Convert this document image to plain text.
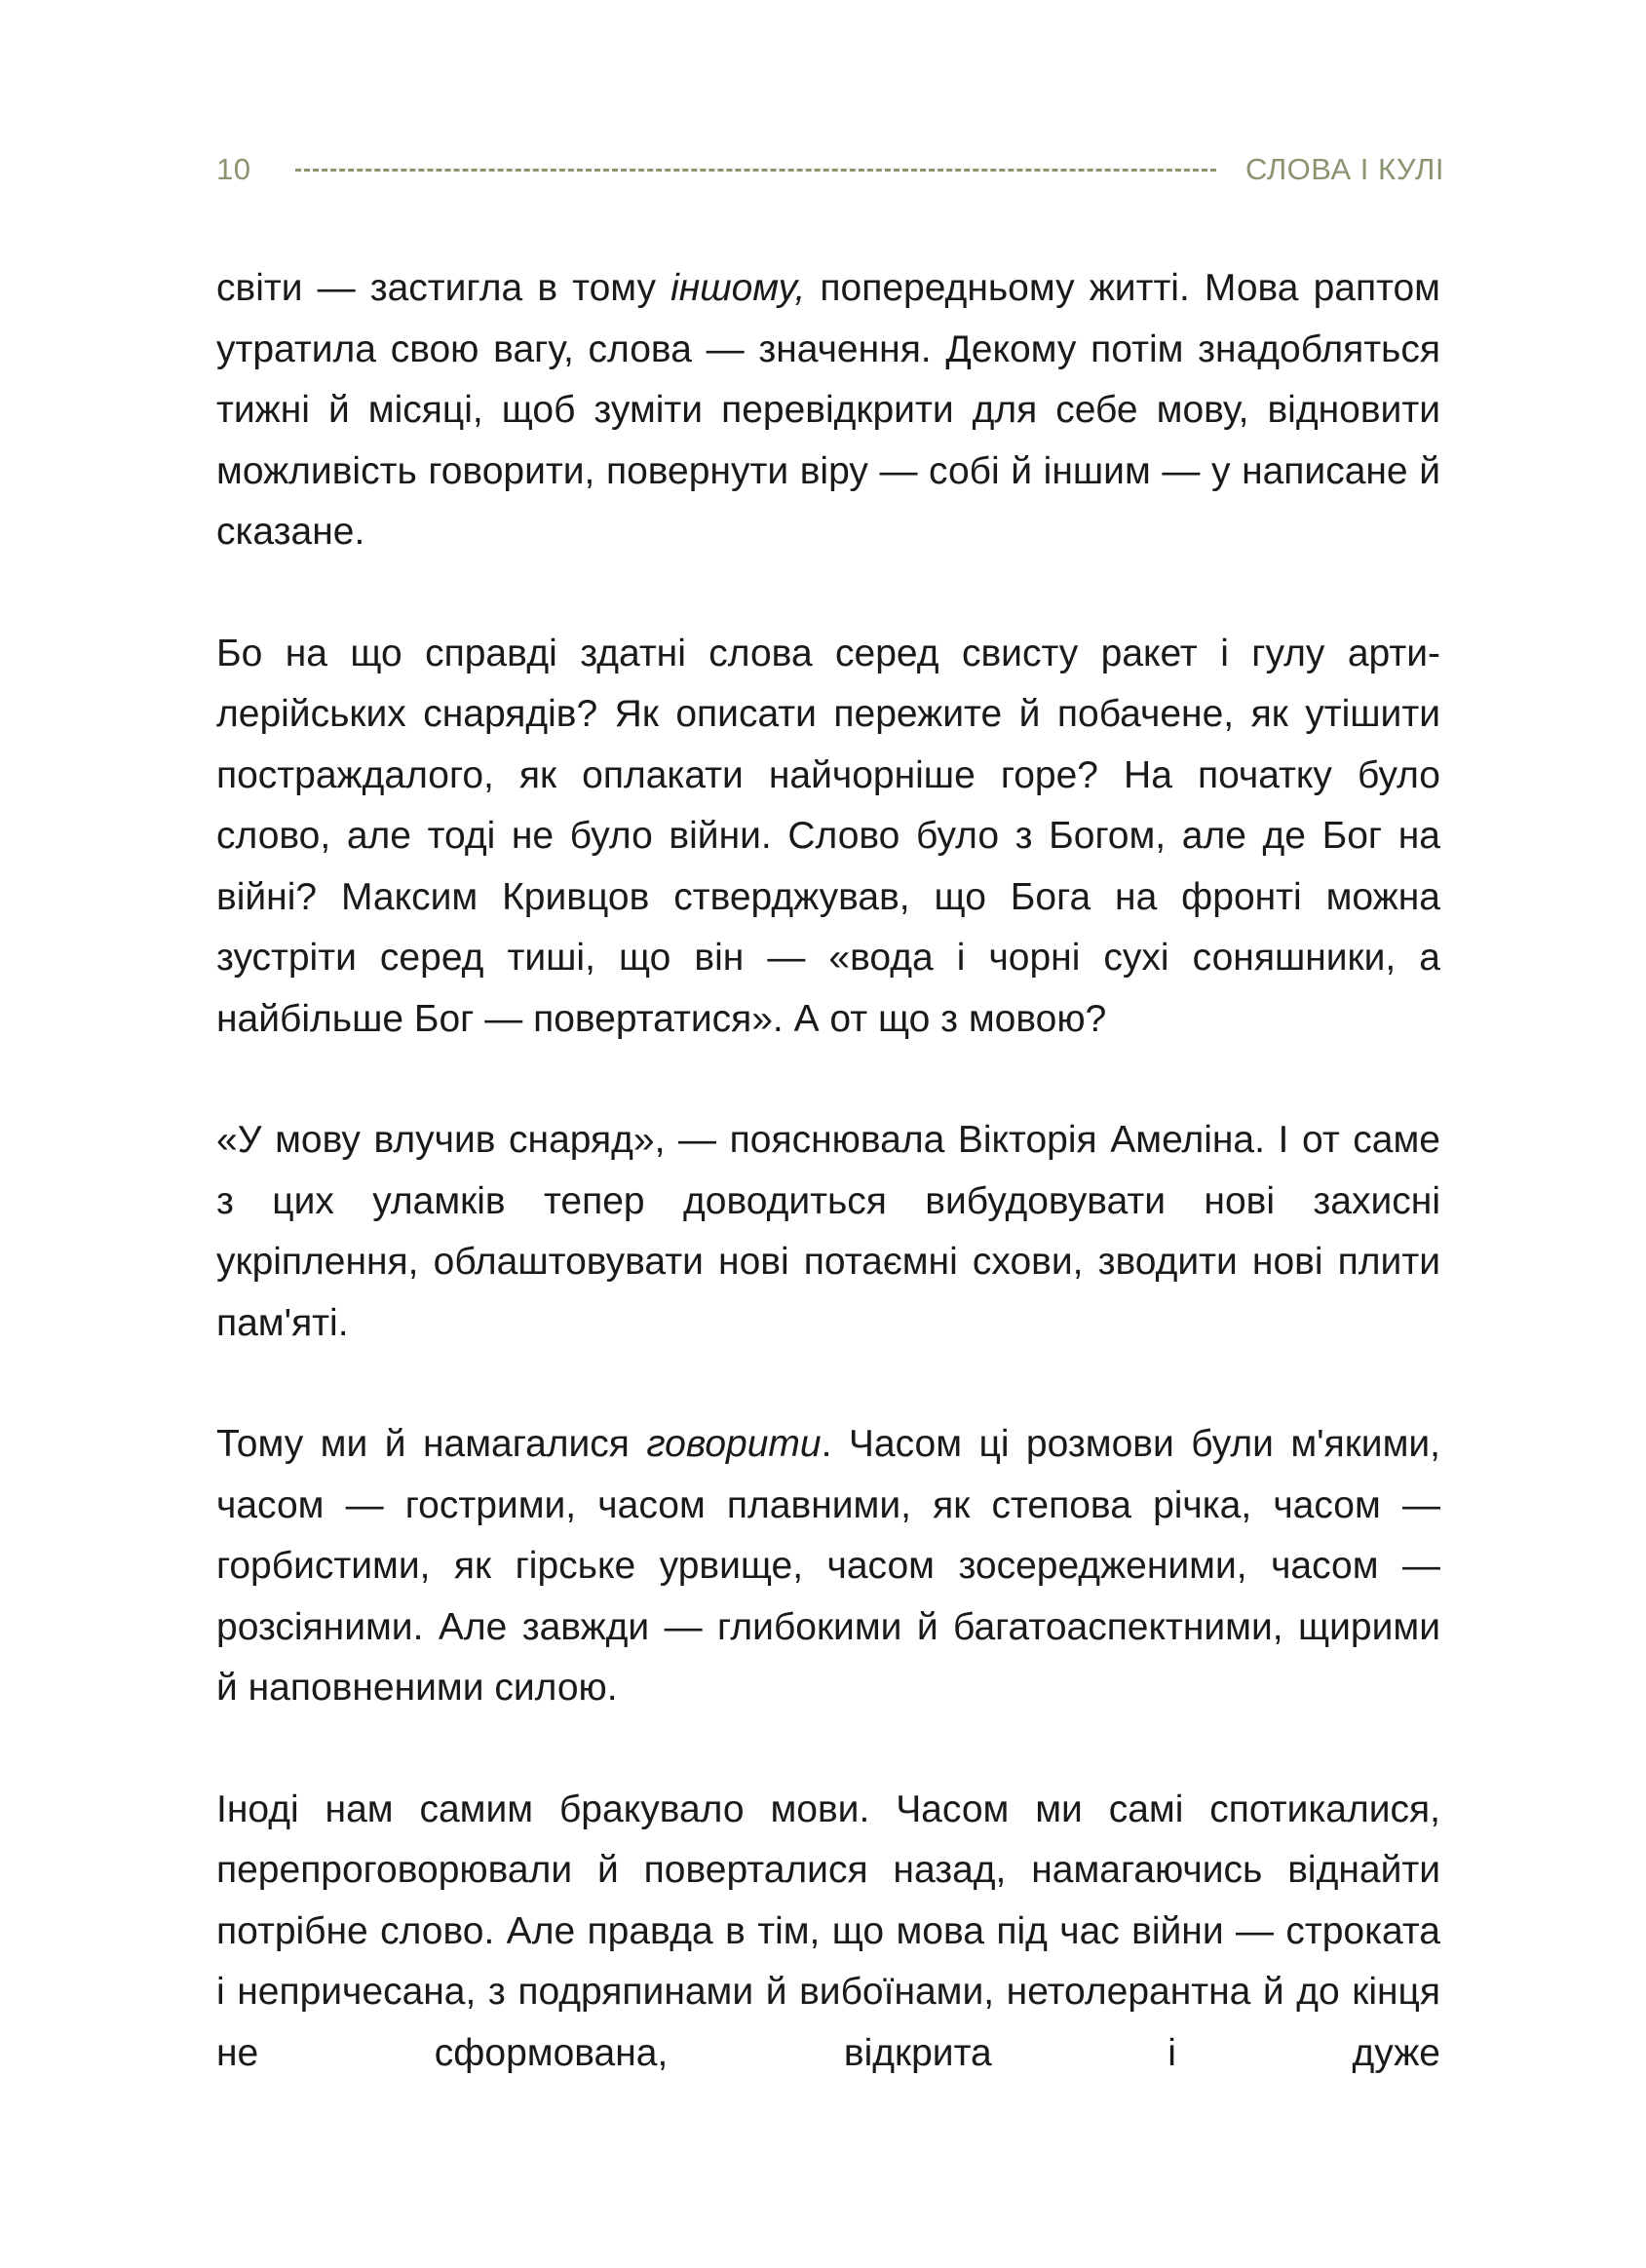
10	СЛОВА І КУЛІ

світи — застигла в тому іншому, попередньому житті. Мова раптом утратила свою вагу, слова — значення. Декому потім знадобляться тижні й місяці, щоб зуміти перевідкрити для себе мову, відновити можливість говорити, повернути віру — собі й іншим — у написане й сказане.

Бо на що справді здатні слова серед свисту ракет і гулу артилерійських снарядів? Як описати пережите й побачене, як утішити постраждалого, як оплакати найчорніше горе? На початку було слово, але тоді не було війни. Слово було з Богом, але де Бог на війні? Максим Кривцов стверджував, що Бога на фронті можна зустріти серед тиші, що він — «вода і чорні сухі соняшники, а найбільше Бог — повертатися». А от що з мовою?

«У мову влучив снаряд», — пояснювала Вікторія Амеліна. І от саме з цих уламків тепер доводиться вибудовувати нові захисні укріплення, облаштовувати нові потаємні схови, зводити нові плити пам'яті.

Тому ми й намагалися говорити. Часом ці розмови були м'якими, часом — гострими, часом плавними, як степова річка, часом — горбистими, як гірське урвище, часом зосередженими, часом — розсіяними. Але завжди — глибокими й багатоаспектними, щирими й наповненими силою.

Іноді нам самим бракувало мови. Часом ми самі спотикалися, перепроговорювали й поверталися назад, намагаючись віднайти потрібне слово. Але правда в тім, що мова під час війни — строката і непричесана, з подряпинами й вибоїнами, нетолерантна й до кінця не сформована, відкрита і дуже
